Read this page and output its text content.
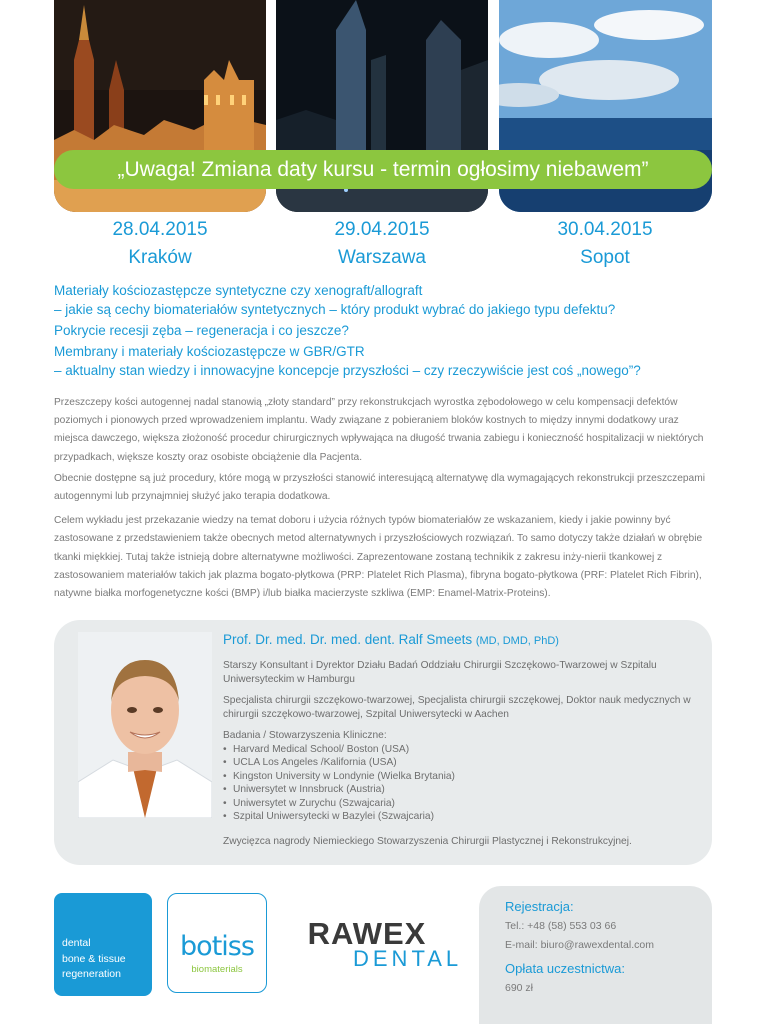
„Uwaga! Zmiana daty kursu - termin ogłosimy niebawem”
28.04.2015
Kraków
29.04.2015
Warszawa
30.04.2015
Sopot

Materiały kościozastępcze syntetyczne czy xenograft/allograft
– jakie są cechy biomateriałów syntetycznych – który produkt wybrać do jakiego typu defektu?

Pokrycie recesji zęba – regeneracja i co jeszcze?

Membrany i materiały kościozastępcze w GBR/GTR
– aktualny stan wiedzy i innowacyjne koncepcje przyszłości – czy rzeczywiście jest coś „nowego”?

Przeszczepy kości autogennej nadal stanowią „złoty standard” przy rekonstrukcjach wyrostka zębodołowego w celu kompensacji defektów poziomych i pionowych przed wprowadzeniem implantu. Wady związane z pobieraniem bloków kostnych to między innymi dodatkowy uraz miejsca dawczego, większa złożoność procedur chirurgicznych wpływająca na długość trwania zabiegu i konieczność hospitalizacji w niektórych przypadkach, większe koszty oraz osobiste obciążenie dla Pacjenta.

Obecnie dostępne są już procedury, które mogą w przyszłości stanowić interesującą alternatywę dla wymagających rekonstrukcji przeszczepami autogennymi lub przynajmniej służyć jako terapia dodatkowa.

Celem wykładu jest przekazanie wiedzy na temat doboru i użycia różnych typów biomateriałów ze wskazaniem, kiedy i jakie powinny być zastosowane z przedstawieniem także obecnych metod alternatywnych i przyszłościowych rozwiązań. To samo dotyczy także działań w obrębie tkanki miękkiej. Tutaj także istnieją dobre alternatywne możliwości. Zaprezentowane zostaną technikik z zakresu inży-nierii tkankowej z zastosowaniem materiałów takich jak plazma bogato-płytkowa (PRP: Platelet Rich Plasma), fibryna bogato-płytkowa (PRF: Platelet Rich Fibrin), natywne białka morfogenetyczne kości (BMP) i/lub białka macierzyste szkliwa (EMP: Enamel-Matrix-Proteins).

Prof. Dr. med. Dr. med. dent. Ralf Smeets (MD, DMD, PhD)

Starszy Konsultant i Dyrektor Działu Badań Oddziału Chirurgii Szczękowo-Twarzowej w Szpitalu Uniwersyteckim w Hamburgu

Specjalista chirurgii szczękowo-twarzowej, Specjalista chirurgii szczękowej, Doktor nauk medycznych w chirurgii szczękowo-twarzowej, Szpital Uniwersytecki w Aachen

Badania / Stowarzyszenia Kliniczne:
• Harvard Medical School/ Boston (USA)
• UCLA Los Angeles /Kalifornia (USA)
• Kingston University w Londynie (Wielka Brytania)
• Uniwersytet w Innsbruck (Austria)
• Uniwersytet w Zurychu (Szwajcaria)
• Szpital Uniwersytecki w Bazylei (Szwajcaria)
Zwycięzca nagrody Niemieckiego Stowarzyszenia Chirurgii Plastycznej i Rekonstrukcyjnej.
dental
bone & tissue
regeneration
botiss
biomaterials
RAWEX
DENTAL
Rejestracja:
Tel.: +48 (58) 553 03 66
E-mail: biuro@rawexdental.com
Opłata uczestnictwa:
690 zł
